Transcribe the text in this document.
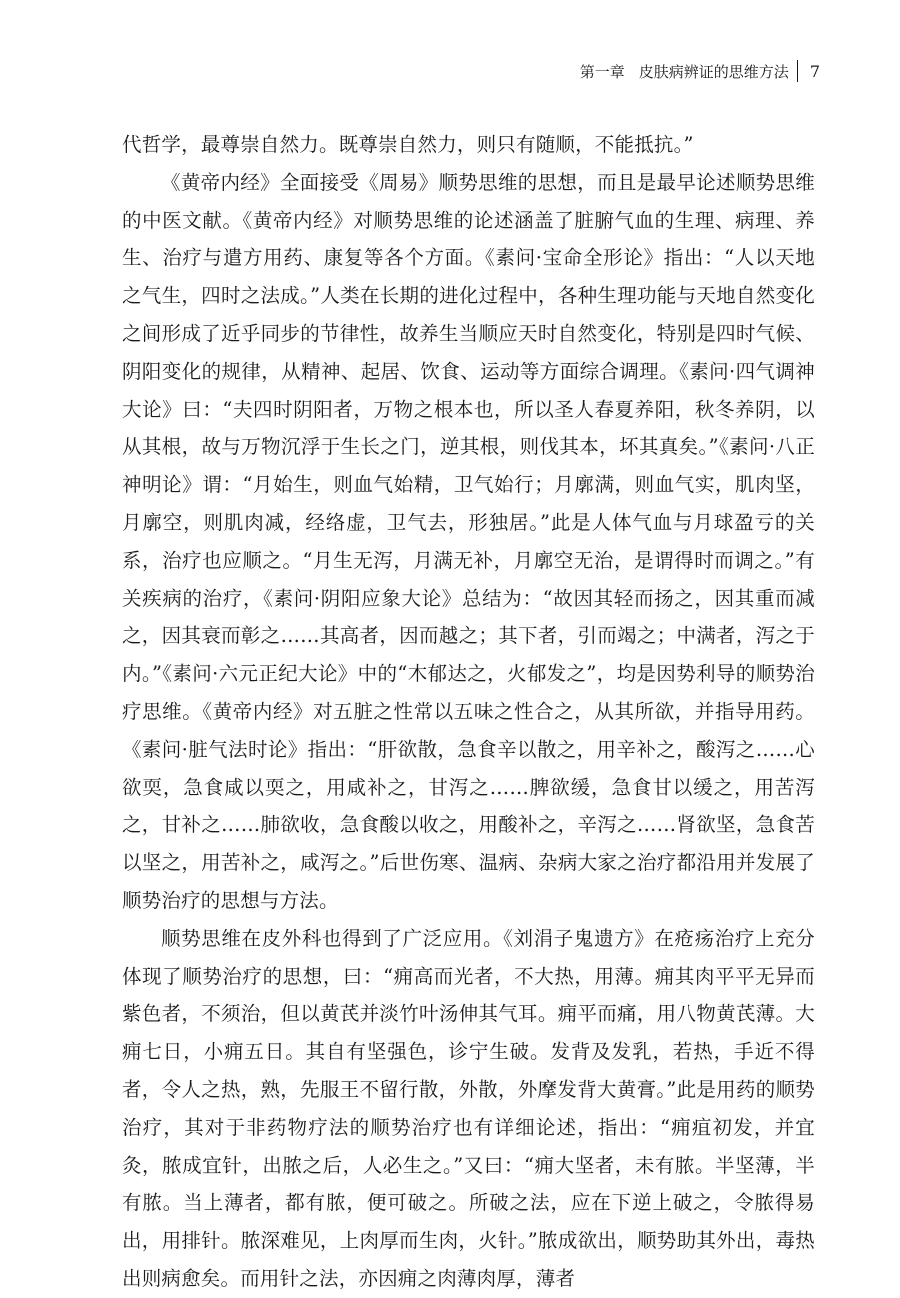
第一章 皮肤病辨证的思维方法 7

代哲学，最尊崇自然力。既尊崇自然力，则只有随顺，不能抵抗。”

《黄帝内经》全面接受《周易》顺势思维的思想，而且是最早论述顺势思维的中医文献。《黄帝内经》对顺势思维的论述涵盖了脏腑气血的生理、病理、养生、治疗与遣方用药、康复等各个方面。《素问·宝命全形论》指出：“人以天地之气生，四时之法成。”人类在长期的进化过程中，各种生理功能与天地自然变化之间形成了近乎同步的节律性，故养生当顺应天时自然变化，特别是四时气候、阴阳变化的规律，从精神、起居、饮食、运动等方面综合调理。《素问·四气调神大论》曰：“夫四时阴阳者，万物之根本也，所以圣人春夏养阳，秋冬养阴，以从其根，故与万物沉浮于生长之门，逆其根，则伐其本，坏其真矣。”《素问·八正神明论》谓：“月始生，则血气始精，卫气始行；月廓满，则血气实，肌肉坚，月廓空，则肌肉减，经络虚，卫气去，形独居。”此是人体气血与月球盈亏的关系，治疗也应顺之。“月生无泻，月满无补，月廓空无治，是谓得时而调之。”有关疾病的治疗，《素问·阴阳应象大论》总结为：“故因其轻而扬之，因其重而减之，因其衰而彰之……其高者，因而越之；其下者，引而竭之；中满者，泻之于内。”《素问·六元正纪大论》中的“木郁达之，火郁发之”，均是因势利导的顺势治疗思维。《黄帝内经》对五脏之性常以五味之性合之，从其所欲，并指导用药。《素问·脏气法时论》指出：“肝欲散，急食辛以散之，用辛补之，酸泻之……心欲耎，急食咸以耎之，用咸补之，甘泻之……脾欲缓，急食甘以缓之，用苦泻之，甘补之……肺欲收，急食酸以收之，用酸补之，辛泻之……肾欲坚，急食苦以坚之，用苦补之，咸泻之。”后世伤寒、温病、杂病大家之治疗都沿用并发展了顺势治疗的思想与方法。

顺势思维在皮外科也得到了广泛应用。《刘涓子鬼遗方》在疮疡治疗上充分体现了顺势治疗的思想，曰：“痈高而光者，不大热，用薄。痈其肉平平无异而紫色者，不须治，但以黄芪并淡竹叶汤伸其气耳。痈平而痛，用八物黄芪薄。大痈七日，小痈五日。其自有坚强色，诊宁生破。发背及发乳，若热，手近不得者，令人之热，熟，先服王不留行散，外散，外摩发背大黄膏。”此是用药的顺势治疗，其对于非药物疗法的顺势治疗也有详细论述，指出：“痈疽初发，并宜灸，脓成宜针，出脓之后，人必生之。”又曰：“痈大坚者，未有脓。半坚薄，半有脓。当上薄者，都有脓，便可破之。所破之法，应在下逆上破之，令脓得易出，用排针。脓深难见，上肉厚而生肉，火针。”脓成欲出，顺势助其外出，毒热出则病愈矣。而用针之法，亦因痈之肉薄肉厚，薄者
